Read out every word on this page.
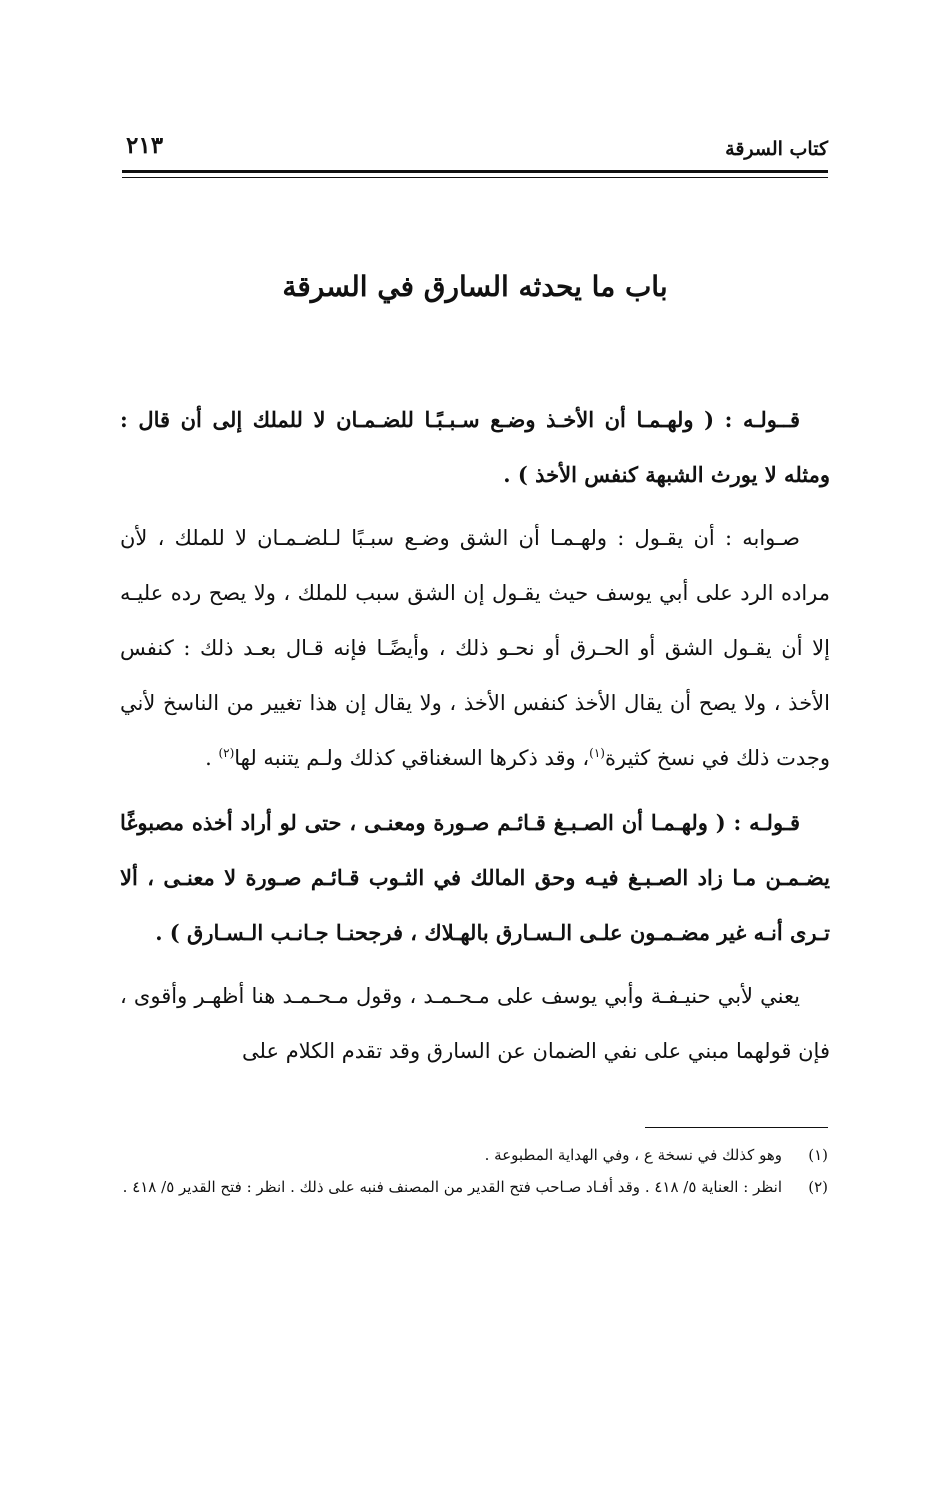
كتاب السرقة
٢١٣
باب ما يحدثه السارق في السرقة

قــولـه : ( ولهـمـا أن الأخـذ وضـع سـبـبًـا للضـمـان لا للملك إلى أن قال : ومثله لا يورث الشبهة كنفس الأخذ ) .

صـوابه : أن يقـول : ولهـمـا أن الشق وضـع سبـبًا لـلضـمـان لا للملك ، لأن مراده الرد على أبي يوسف حيث يقـول إن الشق سبب للملك ، ولا يصح رده عليـه إلا أن يقـول الشق أو الحـرق أو نحـو ذلك ، وأيضًـا فإنه قـال بعـد ذلك : كنفس الأخذ ، ولا يصح أن يقال الأخذ كنفس الأخذ ، ولا يقال إن هذا تغيير من الناسخ لأني وجدت ذلك في نسخ كثيرة$^{(١)}$، وقد ذكرها السغناقي كذلك ولـم يتنبه لها$^{(٢)}$ .

قـولـه : ( ولهـمـا أن الصـبـغ قـائـم صـورة ومعنـى ، حتى لو أراد أخذه مصبوغًا يضـمـن مـا زاد الصـبـغ فيـه وحق المالك في الثـوب قـائـم صـورة لا معنـى ، ألا تـرى أنـه غير مضـمـون علـى الـسـارق بالهـلاك ، فرجحنـا جـانـب الـسـارق ) .

يعني لأبي حنيـفـة وأبي يوسف على مـحـمـد ، وقول مـحـمـد هنا أظهـر وأقوى ، فإن قولهما مبني على نفي الضمان عن السارق وقد تقدم الكلام على

(١)
وهو كذلك في نسخة ع ، وفي الهداية المطبوعة .

(٢)
انظر : العناية ٥/ ٤١٨ . وقد أفـاد صـاحب فتح القدير من المصنف فنبه على ذلك . انظر : فتح القدير ٥/ ٤١٨ .
